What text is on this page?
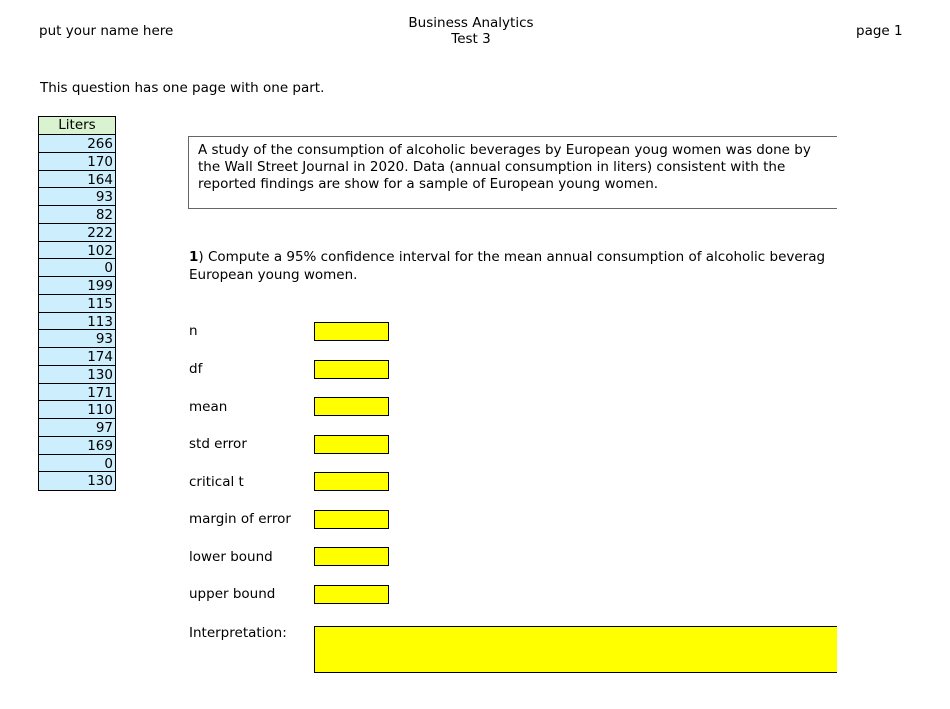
put your name here	Business Analytics
Test 3	page 1
This question has one page with one part.
Liters
266
170
164
93
82
222
102
0
199
115
113
93
174
130
171
110
97
169
0
130
A study of the consumption of alcoholic beverages by European youg women was done by the Wall Street Journal in 2020. Data (annual consumption in liters) consistent with the reported findings are show for a sample of European young women.
1) Compute a 95% confidence interval for the mean annual consumption of alcoholic beverag
European young women.
n
df
mean
std error
critical t
margin of error
lower bound
upper bound
Interpretation:
